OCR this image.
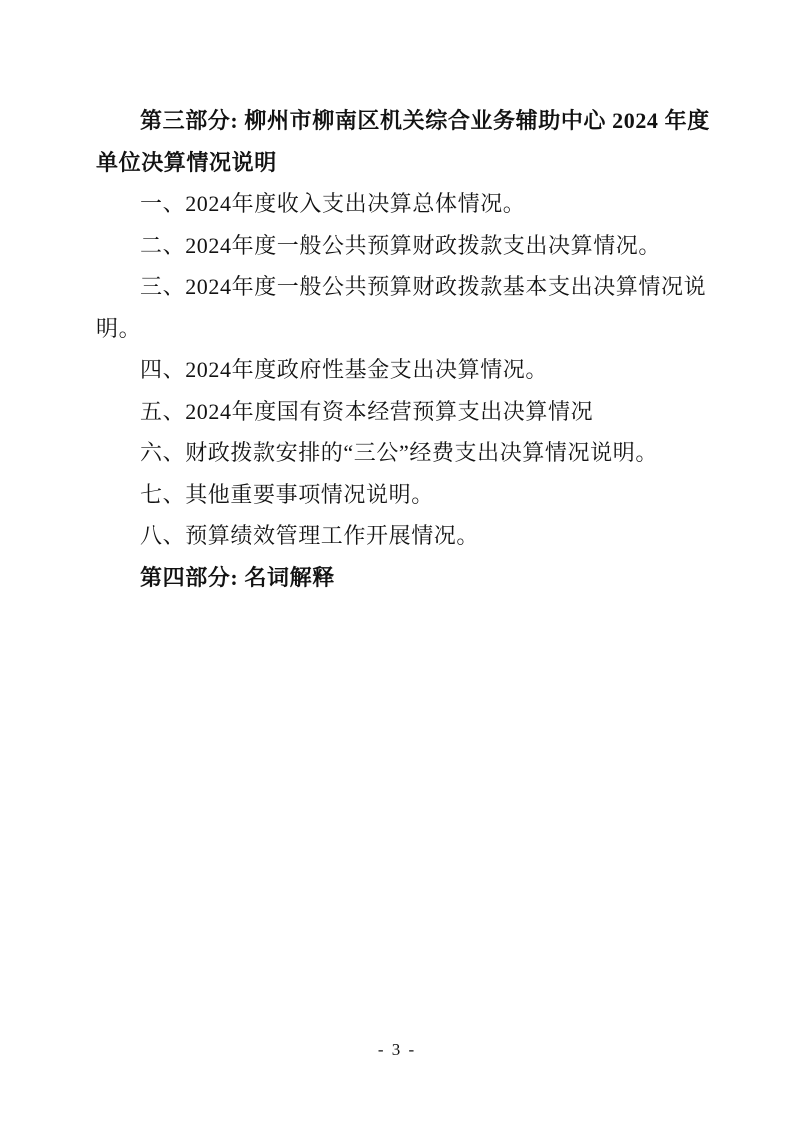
第三部分: 柳州市柳南区机关综合业务辅助中心 2024 年度
单位决算情况说明
一、2024年度收入支出决算总体情况。
二、2024年度一般公共预算财政拨款支出决算情况。
三、2024年度一般公共预算财政拨款基本支出决算情况说
明。
四、2024年度政府性基金支出决算情况。
五、2024年度国有资本经营预算支出决算情况
六、财政拨款安排的“三公”经费支出决算情况说明。
七、其他重要事项情况说明。
八、预算绩效管理工作开展情况。
第四部分: 名词解释
- 3 -
